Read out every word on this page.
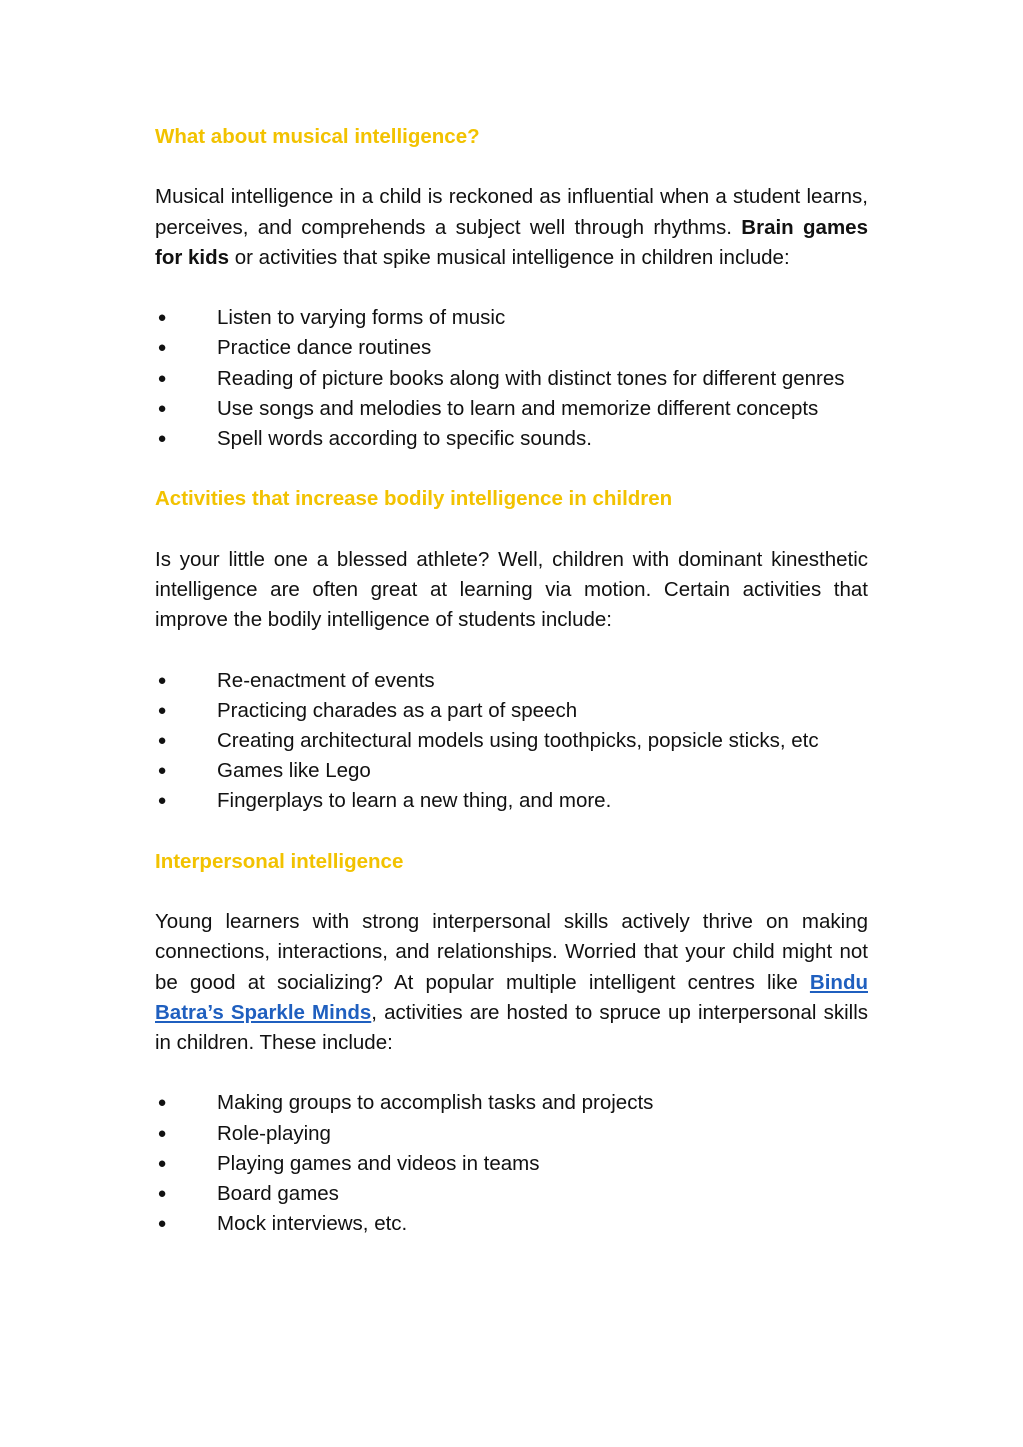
What about musical intelligence?

Musical intelligence in a child is reckoned as influential when a student learns, perceives, and comprehends a subject well through rhythms. Brain games for kids or activities that spike musical intelligence in children include:

● Listen to varying forms of music
● Practice dance routines
● Reading of picture books along with distinct tones for different genres
● Use songs and melodies to learn and memorize different concepts
● Spell words according to specific sounds.
Activities that increase bodily intelligence in children

Is your little one a blessed athlete? Well, children with dominant kinesthetic intelligence are often great at learning via motion. Certain activities that improve the bodily intelligence of students include:

● Re-enactment of events
● Practicing charades as a part of speech
● Creating architectural models using toothpicks, popsicle sticks, etc
● Games like Lego
● Fingerplays to learn a new thing, and more.
Interpersonal intelligence

Young learners with strong interpersonal skills actively thrive on making connections, interactions, and relationships. Worried that your child might not be good at socializing? At popular multiple intelligent centres like Bindu Batra’s Sparkle Minds, activities are hosted to spruce up interpersonal skills in children. These include:

● Making groups to accomplish tasks and projects
● Role-playing
● Playing games and videos in teams
● Board games
● Mock interviews, etc.
